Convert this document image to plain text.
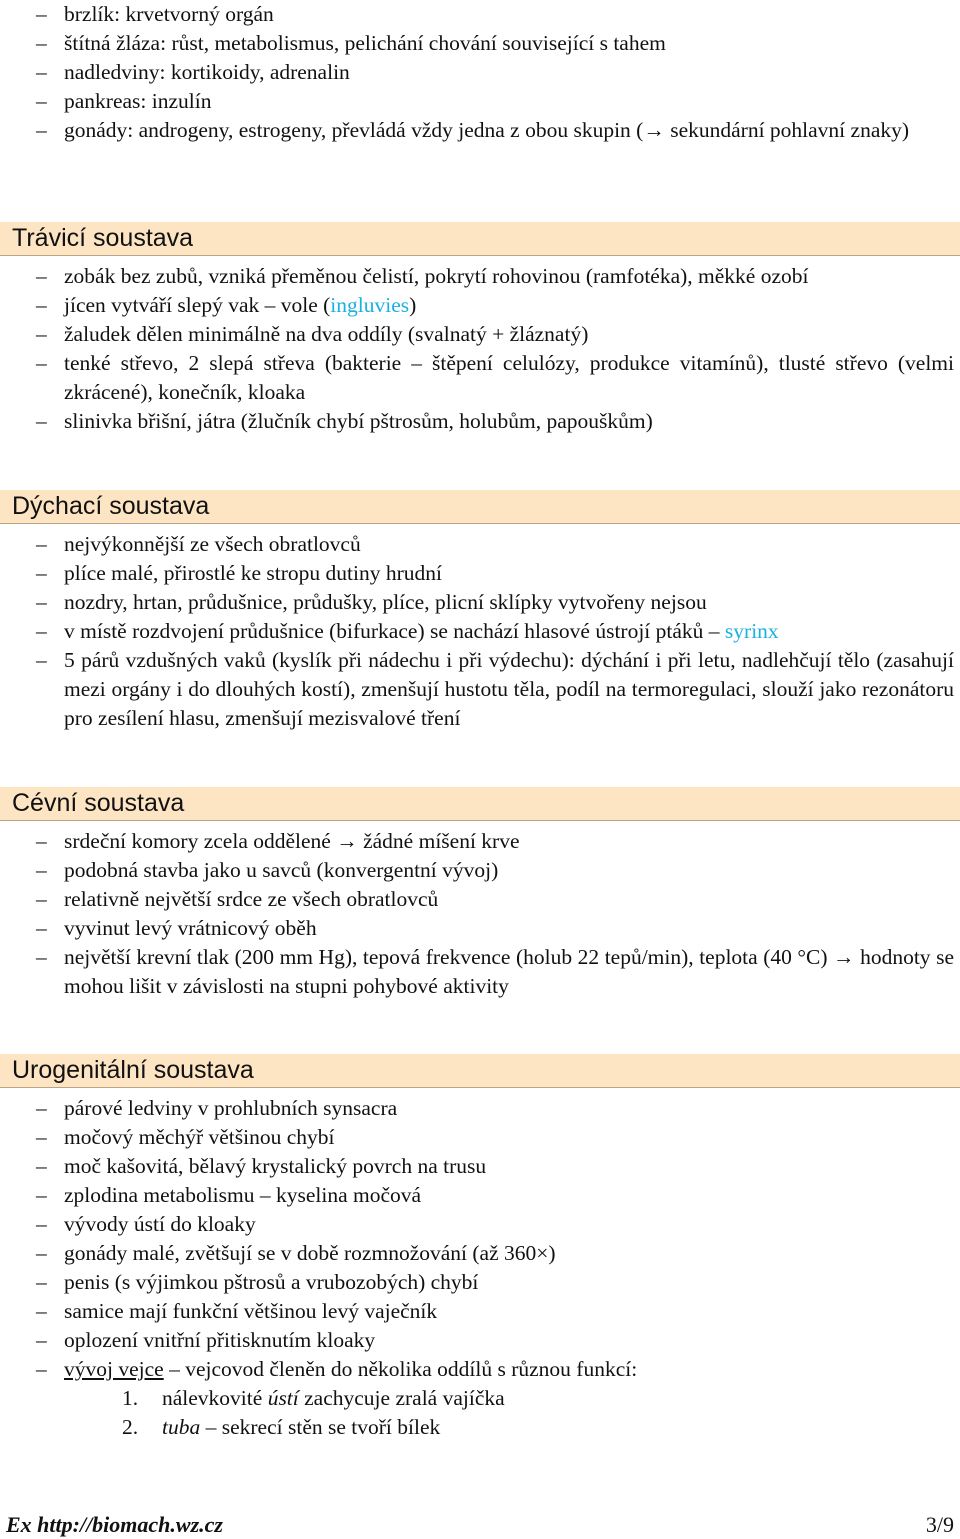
– brzlík: krvetvorný orgán
– štítná žláza: růst, metabolismus, pelichání chování související s tahem
– nadledviny: kortikoidy, adrenalin
– pankreas: inzulín
– gonády: androgeny, estrogeny, převládá vždy jedna z obou skupin (→ sekundární pohlavní znaky)
Trávicí soustava
– zobák bez zubů, vzniká přeměnou čelistí, pokrytí rohovinou (ramfotéka), měkké ozobí
– jícen vytváří slepý vak – vole (ingluvies)
– žaludek dělen minimálně na dva oddíly (svalnatý + žláznatý)
– tenké střevo, 2 slepá střeva (bakterie – štěpení celulózy, produkce vitamínů), tlusté střevo (velmi zkrácené), konečník, kloaka
– slinivka břišní, játra (žlučník chybí pštrosům, holubům, papouškům)
Dýchací soustava
– nejvýkonnější ze všech obratlovců
– plíce malé, přirostlé ke stropu dutiny hrudní
– nozdry, hrtan, průdušnice, průdušky, plíce, plicní sklípky vytvořeny nejsou
– v místě rozdvojení průdušnice (bifurkace) se nachází hlasové ústrojí ptáků – syrinx
– 5 párů vzdušných vaků (kyslík při nádechu i při výdechu): dýchání i při letu, nadlehčují tělo (zasahují mezi orgány i do dlouhých kostí), zmenšují hustotu těla, podíl na termoregulaci, slouží jako rezonátoru pro zesílení hlasu, zmenšují mezisvalové tření
Cévní soustava
– srdeční komory zcela oddělené → žádné míšení krve
– podobná stavba jako u savců (konvergentní vývoj)
– relativně největší srdce ze všech obratlovců
– vyvinut levý vrátnicový oběh
– největší krevní tlak (200 mm Hg), tepová frekvence (holub 22 tepů/min), teplota (40 °C) → hodnoty se mohou lišit v závislosti na stupni pohybové aktivity
Urogenitální soustava
– párové ledviny v prohlubních synsacra
– močový měchýř většinou chybí
– moč kašovitá, bělavý krystalický povrch na trusu
– zplodina metabolismu – kyselina močová
– vývody ústí do kloaky
– gonády malé, zvětšují se v době rozmnožování (až 360×)
– penis (s výjimkou pštrosů a vrubozobých) chybí
– samice mají funkční většinou levý vaječník
– oplození vnitřní přitisknutím kloaky
– vývoj vejce – vejcovod členěn do několika oddílů s různou funkcí:
1. nálevkovité ústí zachycuje zralá vajíčka
2. tuba – sekrecí stěn se tvoří bílek
Ex http://biomach.wz.cz	3/9
